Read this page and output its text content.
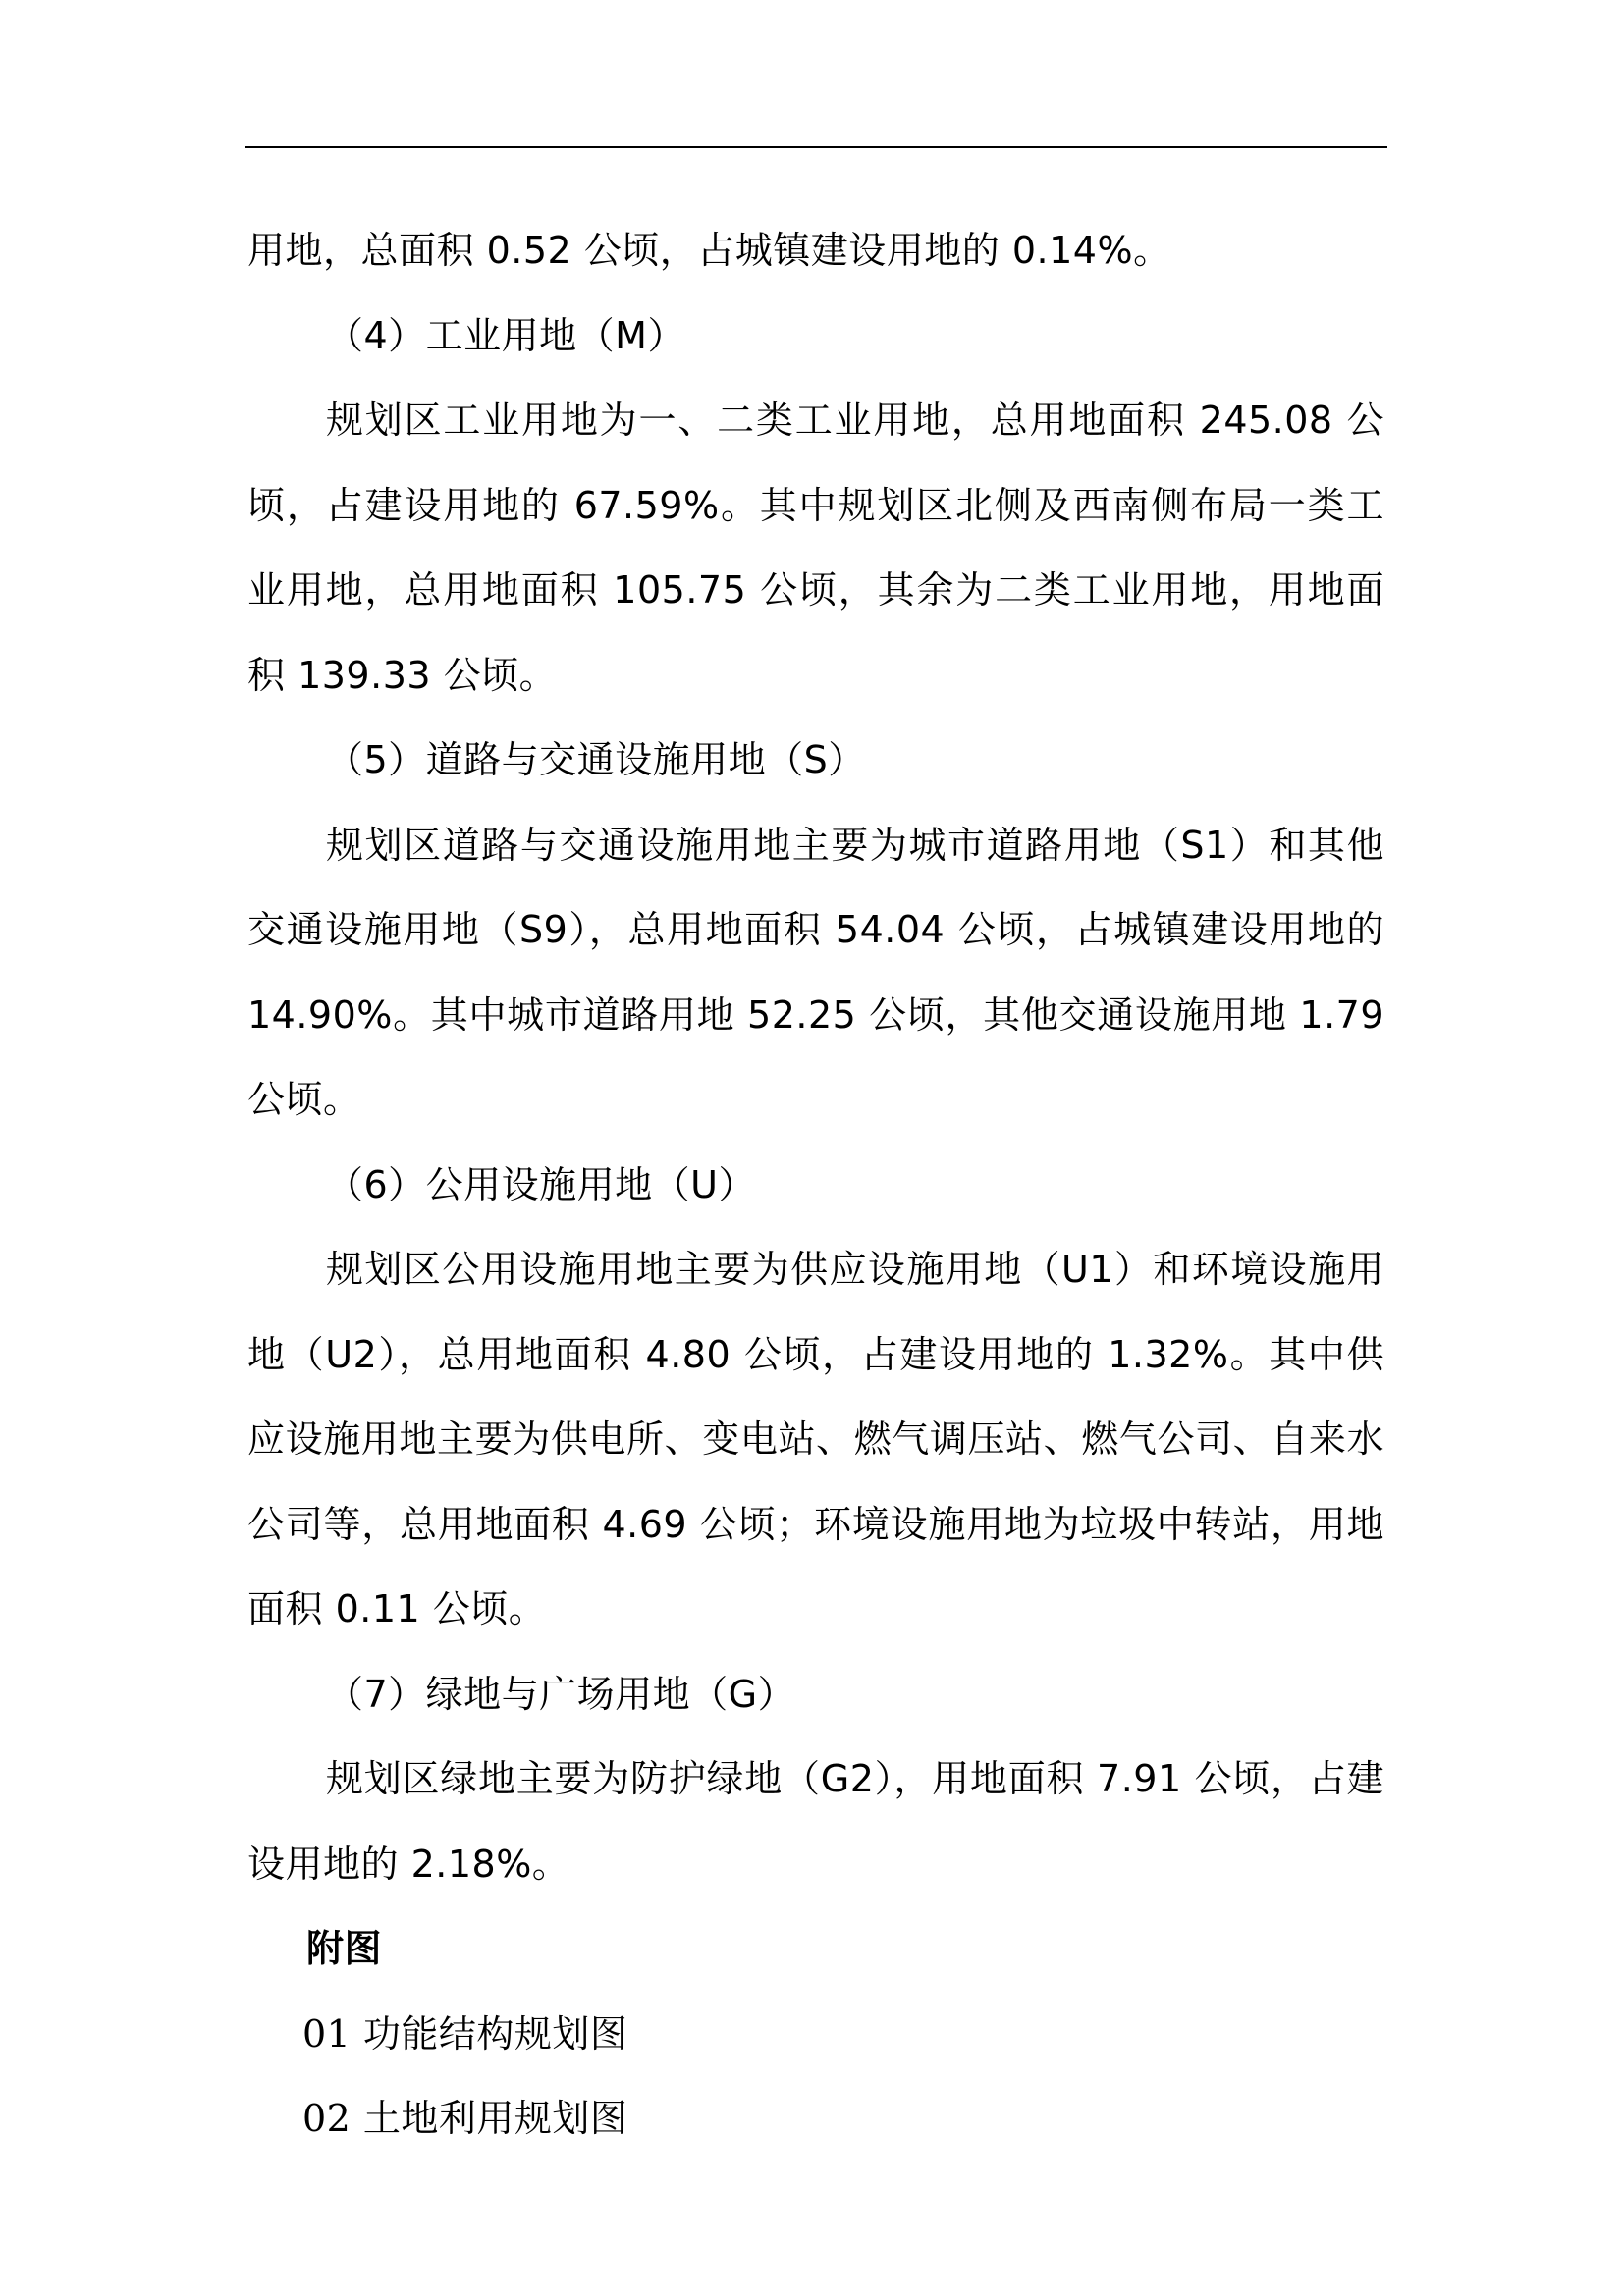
用地，总面积 0.52 公顷，占城镇建设用地的 0.14%。

（4）工业用地（M）

规划区工业用地为一、二类工业用地，总用地面积 245.08 公顷，占建设用地的 67.59%。其中规划区北侧及西南侧布局一类工业用地，总用地面积 105.75 公顷，其余为二类工业用地，用地面积 139.33 公顷。

（5）道路与交通设施用地（S）

规划区道路与交通设施用地主要为城市道路用地（S1）和其他交通设施用地（S9），总用地面积 54.04 公顷，占城镇建设用地的 14.90%。其中城市道路用地 52.25 公顷，其他交通设施用地 1.79 公顷。

（6）公用设施用地（U）

规划区公用设施用地主要为供应设施用地（U1）和环境设施用地（U2），总用地面积 4.80 公顷，占建设用地的 1.32%。其中供应设施用地主要为供电所、变电站、燃气调压站、燃气公司、自来水公司等，总用地面积 4.69 公顷；环境设施用地为垃圾中转站，用地面积 0.11 公顷。

（7）绿地与广场用地（G）

规划区绿地主要为防护绿地（G2），用地面积 7.91 公顷，占建设用地的 2.18%。

附图

01 功能结构规划图

02 土地利用规划图
